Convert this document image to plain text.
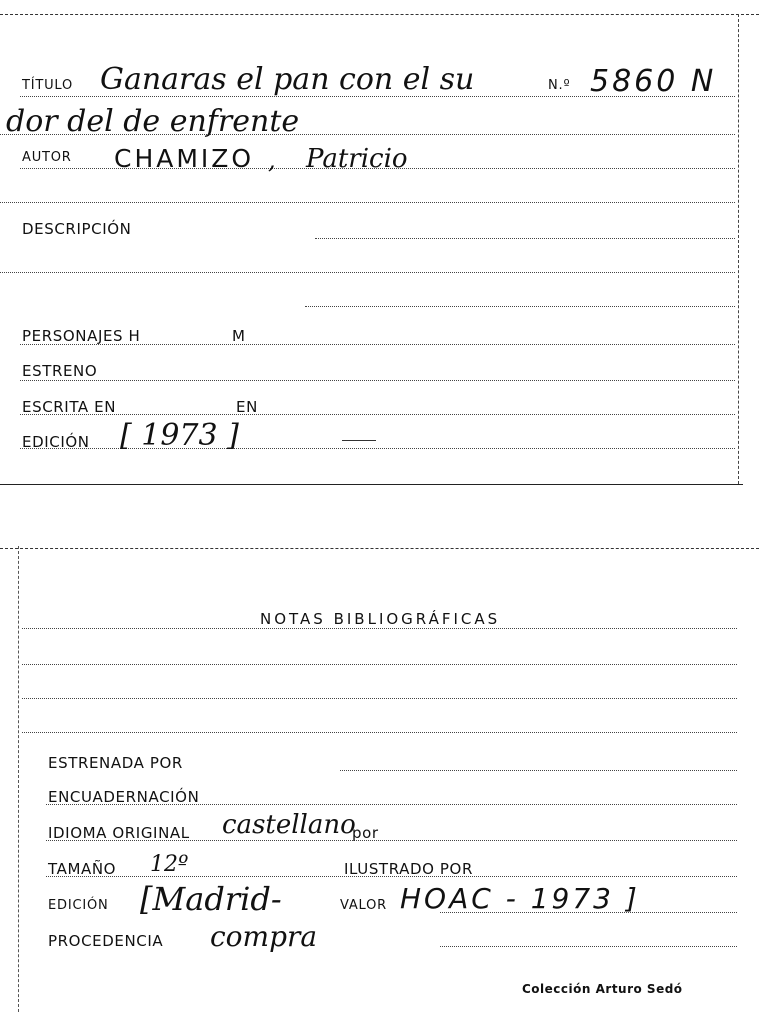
TÍTULO Ganaras el pan con el su	N.º 5860 N
dor del de enfrente
AUTOR CHAMIZO , Patricio
DESCRIPCIÓN
PERSONAJES H	M
ESTRENO
ESCRITA EN	EN
EDICIÓN [ 1973 ]
NOTAS BIBLIOGRÁFICAS
ESTRENADA POR
ENCUADERNACIÓN
IDIOMA ORIGINAL castellano
por
TAMAÑO 12º	ILUSTRADO POR
EDICIÓN [Madrid-	VALOR HOAC - 1973 ]
PROCEDENCIA compra
Colección Arturo Sedó
